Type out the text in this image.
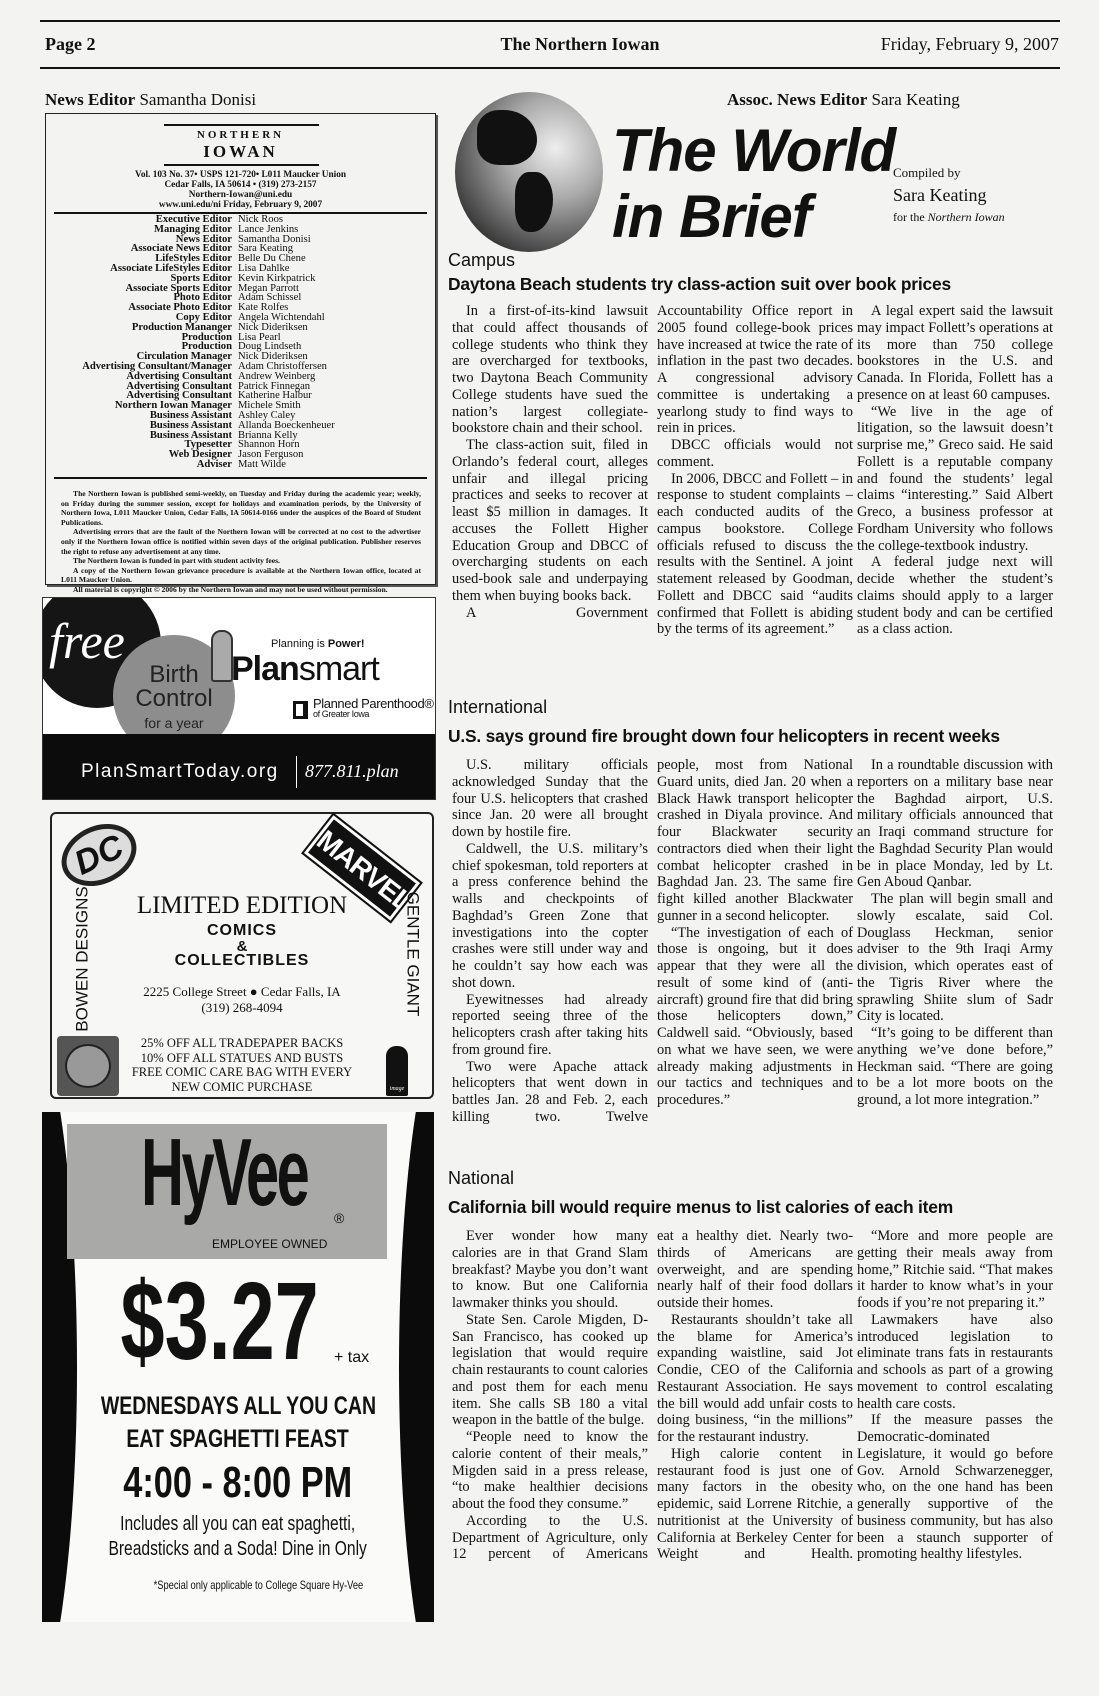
Page 2	The Northern Iowan	Friday, February 9, 2007
News Editor Samantha Donisi	Assoc. News Editor Sara Keating
NORTHERN
IOWAN
Vol. 103 No. 37• USPS 121-720• L011 Maucker Union
Cedar Falls, IA 50614 • (319) 273-2157
Northern-Iowan@uni.edu
www.uni.edu/ni Friday, February 9, 2007
Executive Editor Nick Roos
Managing Editor Lance Jenkins
News Editor Samantha Donisi
Associate News Editor Sara Keating
LifeStyles Editor Belle Du Chene
Associate LifeStyles Editor Lisa Dahlke
Sports Editor Kevin Kirkpatrick
Associate Sports Editor Megan Parrott
Photo Editor Adam Schissel
Associate Photo Editor Kate Rolfes
Copy Editor Angela Wichtendahl
Production Mananger Nick Dideriksen
Production Lisa Pearl
Production Doug Lindseth
Circulation Manager Nick Dideriksen
Advertising Consultant/Manager Adam Christoffersen
Advertising Consultant Andrew Weinberg
Advertising Consultant Patrick Finnegan
Advertising Consultant Katherine Halbur
Northern Iowan Manager Michele Smith
Business Assistant Ashley Caley
Business Assistant Allanda Boeckenheuer
Business Assistant Brianna Kelly
Typesetter Shannon Horn
Web Designer Jason Ferguson
Adviser Matt Wilde

The Northern Iowan is published semi-weekly, on Tuesday and Friday during the academic year; weekly, on Friday during the summer session, except for holidays and examination periods, by the University of Northern Iowa, L011 Maucker Union, Cedar Falls, IA 50614-0166 under the auspices of the Board of Student Publications.

Advertising errors that are the fault of the Northern Iowan will be corrected at no cost to the advertiser only if the Northern Iowan office is notified within seven days of the original publication. Publisher reserves the right to refuse any advertisement at any time.

The Northern Iowan is funded in part with student activity fees.

A copy of the Northern Iowan grievance procedure is available at the Northern Iowan office, located at L011 Maucker Union.

All material is copyright © 2006 by the Northern Iowan and may not be used without permission.

free
Birth
Control
for a year
Planning is Power!
Plansmart
Planned Parenthood®
of Greater Iowa
PlanSmartToday.org 877.811.plan
DC	MARVEL
LIMITED EDITION
COMICS
&
COLLECTIBLES
2225 College Street ● Cedar Falls, IA
(319) 268-4094
BOWEN DESIGNS	GENTLE GIANT
image
25% OFF ALL TRADEPAPER BACKS
10% OFF ALL STATUES AND BUSTS
FREE COMIC CARE BAG WITH EVERY
NEW COMIC PURCHASE
HyVee	®
EMPLOYEE OWNED
$3.27 + tax
WEDNESDAYS ALL YOU CAN
EAT SPAGHETTI FEAST
4:00 - 8:00 PM
Includes all you can eat spaghetti,
Breadsticks and a Soda! Dine in Only
*Special only applicable to College Square Hy-Vee
The World
in Brief
Compiled by
Sara Keating
for the Northern Iowan
Campus
Daytona Beach students try class-action suit over book prices

In a first-of-its-kind lawsuit that could affect thousands of college students who think they are overcharged for textbooks, two Daytona Beach Community College students have sued the nation’s largest collegiate-bookstore chain and their school.

The class-action suit, filed in Orlando’s federal court, alleges unfair and illegal pricing practices and seeks to recover at least $5 million in damages. It accuses the Follett Higher Education Group and DBCC of overcharging students on each used-book sale and underpaying them when buying books back.

A Government

Accountability Office report in 2005 found college-book prices have increased at twice the rate of inflation in the past two decades. A congressional advisory committee is undertaking a yearlong study to find ways to rein in prices.

DBCC officials would not comment.

In 2006, DBCC and Follett – in response to student complaints – each conducted audits of the campus bookstore. College officials refused to discuss the results with the Sentinel. A joint statement released by Goodman, Follett and DBCC said “audits confirmed that Follett is abiding by the terms of its agreement.”

A legal expert said the lawsuit may impact Follett’s operations at its more than 750 college bookstores in the U.S. and Canada. In Florida, Follett has a presence on at least 60 campuses.

“We live in the age of litigation, so the lawsuit doesn’t surprise me,” Greco said. He said Follett is a reputable company and found the students’ legal claims “interesting.” Said Albert Greco, a business professor at Fordham University who follows the college-textbook industry.

A federal judge next will decide whether the student’s claims should apply to a larger student body and can be certified as a class action.

International
U.S. says ground fire brought down four helicopters in recent weeks

U.S. military officials acknowledged Sunday that the four U.S. helicopters that crashed since Jan. 20 were all brought down by hostile fire.

Caldwell, the U.S. military’s chief spokesman, told reporters at a press conference behind the walls and checkpoints of Baghdad’s Green Zone that investigations into the copter crashes were still under way and he couldn’t say how each was shot down.

Eyewitnesses had already reported seeing three of the helicopters crash after taking hits from ground fire.

Two were Apache attack helicopters that went down in battles Jan. 28 and Feb. 2, each killing two. Twelve

people, most from National Guard units, died Jan. 20 when a Black Hawk transport helicopter crashed in Diyala province. And four Blackwater security contractors died when their light combat helicopter crashed in Baghdad Jan. 23. The same fire fight killed another Blackwater gunner in a second helicopter.

“The investigation of each of those is ongoing, but it does appear that they were all the result of some kind of (anti-aircraft) ground fire that did bring those helicopters down,” Caldwell said. “Obviously, based on what we have seen, we were already making adjustments in our tactics and techniques and procedures.”

In a roundtable discussion with reporters on a military base near the Baghdad airport, U.S. military officials announced that an Iraqi command structure for the Baghdad Security Plan would be in place Monday, led by Lt. Gen Aboud Qanbar.

The plan will begin small and slowly escalate, said Col. Douglass Heckman, senior adviser to the 9th Iraqi Army division, which operates east of the Tigris River where the sprawling Shiite slum of Sadr City is located.

“It’s going to be different than anything we’ve done before,” Heckman said. “There are going to be a lot more boots on the ground, a lot more integration.”

National
California bill would require menus to list calories of each item

Ever wonder how many calories are in that Grand Slam breakfast? Maybe you don’t want to know. But one California lawmaker thinks you should.

State Sen. Carole Migden, D-San Francisco, has cooked up legislation that would require chain restaurants to count calories and post them for each menu item. She calls SB 180 a vital weapon in the battle of the bulge.

“People need to know the calorie content of their meals,” Migden said in a press release, “to make healthier decisions about the food they consume.”

According to the U.S. Department of Agriculture, only 12 percent of Americans

eat a healthy diet. Nearly two-thirds of Americans are overweight, and are spending nearly half of their food dollars outside their homes.

Restaurants shouldn’t take all the blame for America’s expanding waistline, said Jot Condie, CEO of the California Restaurant Association. He says the bill would add unfair costs to doing business, “in the millions” for the restaurant industry.

High calorie content in restaurant food is just one of many factors in the obesity epidemic, said Lorrene Ritchie, a nutritionist at the University of California at Berkeley Center for Weight and Health.

“More and more people are getting their meals away from home,” Ritchie said. “That makes it harder to know what’s in your foods if you’re not preparing it.”

Lawmakers have also introduced legislation to eliminate trans fats in restaurants and schools as part of a growing movement to control escalating health care costs.

If the measure passes the Democratic-dominated Legislature, it would go before Gov. Arnold Schwarzenegger, who, on the one hand has been generally supportive of the business community, but has also been a staunch supporter of promoting healthy lifestyles.
